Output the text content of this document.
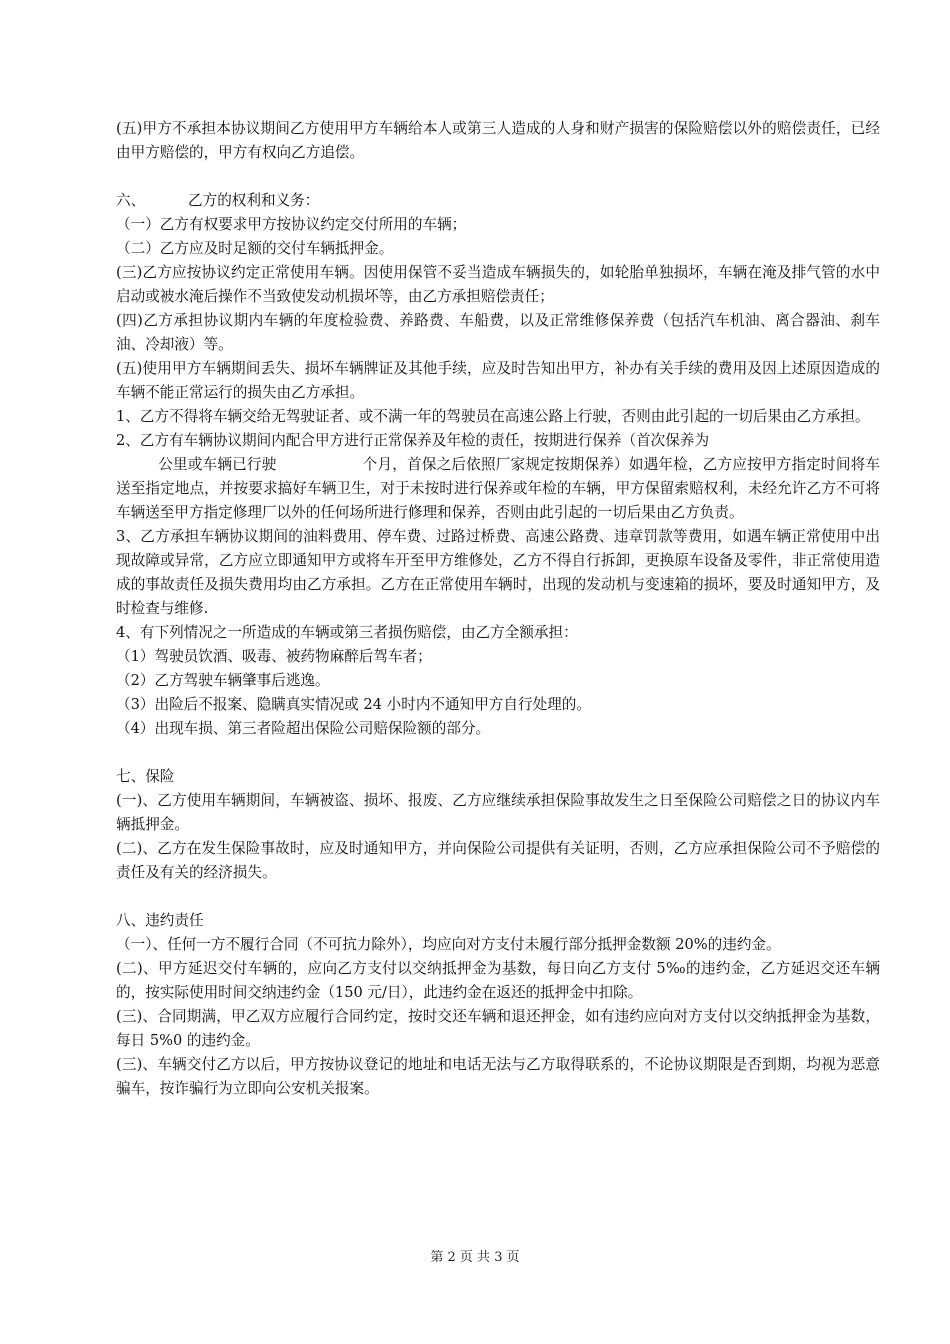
(五)甲方不承担本协议期间乙方使用甲方车辆给本人或第三人造成的人身和财产损害的保险赔偿以外的赔偿责任，已经由甲方赔偿的，甲方有权向乙方追偿。

六、	乙方的权利和义务：

（一）乙方有权要求甲方按协议约定交付所用的车辆；

（二）乙方应及时足额的交付车辆抵押金。

(三)乙方应按协议约定正常使用车辆。因使用保管不妥当造成车辆损失的，如轮胎单独损坏，车辆在淹及排气管的水中启动或被水淹后操作不当致使发动机损坏等，由乙方承担赔偿责任；

(四)乙方承担协议期内车辆的年度检验费、养路费、车船费，以及正常维修保养费（包括汽车机油、离合器油、刹车油、冷却液）等。

(五)使用甲方车辆期间丢失、损坏车辆牌证及其他手续，应及时告知出甲方，补办有关手续的费用及因上述原因造成的车辆不能正常运行的损失由乙方承担。

1、乙方不得将车辆交给无驾驶证者、或不满一年的驾驶员在高速公路上行驶，否则由此引起的一切后果由乙方承担。

2、乙方有车辆协议期间内配合甲方进行正常保养及年检的责任，按期进行保养（首次保养为
公里或车辆已行驶	个月，首保之后依照厂家规定按期保养）如遇年检，乙方应按甲方指定时间将车送至指定地点，并按要求搞好车辆卫生，对于未按时进行保养或年检的车辆，甲方保留索赔权利，未经允许乙方不可将车辆送至甲方指定修理厂以外的任何场所进行修理和保养，否则由此引起的一切后果由乙方负责。

3、乙方承担车辆协议期间的油料费用、停车费、过路过桥费、高速公路费、违章罚款等费用，如遇车辆正常使用中出现故障或异常，乙方应立即通知甲方或将车开至甲方维修处，乙方不得自行拆卸，更换原车设备及零件，非正常使用造成的事故责任及损失费用均由乙方承担。乙方在正常使用车辆时，出现的发动机与变速箱的损坏，要及时通知甲方，及时检查与维修.

4、有下列情况之一所造成的车辆或第三者损伤赔偿，由乙方全额承担：

（1）驾驶员饮酒、吸毒、被药物麻醉后驾车者；

（2）乙方驾驶车辆肇事后逃逸。

（3）出险后不报案、隐瞒真实情况或 24 小时内不通知甲方自行处理的。

（4）出现车损、第三者险超出保险公司赔保险额的部分。

七、保险

(一)、乙方使用车辆期间，车辆被盗、损坏、报废、乙方应继续承担保险事故发生之日至保险公司赔偿之日的协议内车辆抵押金。

(二)、乙方在发生保险事故时，应及时通知甲方，并向保险公司提供有关证明，否则，乙方应承担保险公司不予赔偿的责任及有关的经济损失。

八、违约责任

（一）、任何一方不履行合同（不可抗力除外），均应向对方支付未履行部分抵押金数额 20%的违约金。

(二)、甲方延迟交付车辆的，应向乙方支付以交纳抵押金为基数，每日向乙方支付 5‰的违约金，乙方延迟交还车辆的，按实际使用时间交纳违约金（150 元/日），此违约金在返还的抵押金中扣除。

(三)、合同期满，甲乙双方应履行合同约定，按时交还车辆和退还押金，如有违约应向对方支付以交纳抵押金为基数，每日 5%0 的违约金。

(三)、车辆交付乙方以后，甲方按协议登记的地址和电话无法与乙方取得联系的，不论协议期限是否到期，均视为恶意骗车，按诈骗行为立即向公安机关报案。

第 2 页 共 3 页
